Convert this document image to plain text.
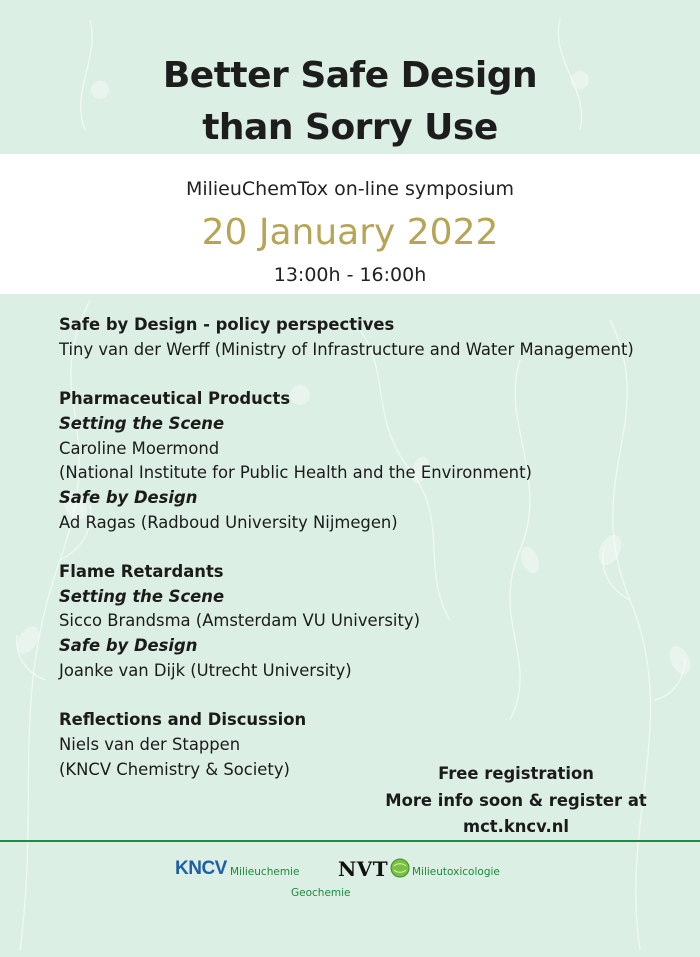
Better Safe Design
than Sorry Use
MilieuChemTox on-line symposium
20 January 2022
13:00h - 16:00h
Safe by Design - policy perspectives
Tiny van der Werff (Ministry of Infrastructure and Water Management)
Pharmaceutical Products
Setting the Scene
Caroline Moermond
(National Institute for Public Health and the Environment)
Safe by Design
Ad Ragas (Radboud University Nijmegen)
Flame Retardants
Setting the Scene
Sicco Brandsma (Amsterdam VU University)
Safe by Design
Joanke van Dijk (Utrecht University)
Reflections and Discussion
Niels van der Stappen
(KNCV Chemistry & Society)	Free registration
More info soon & register at
mct.kncv.nl
KNCV Milieuchemie
Geochemie
NVT Milieutoxicologie
